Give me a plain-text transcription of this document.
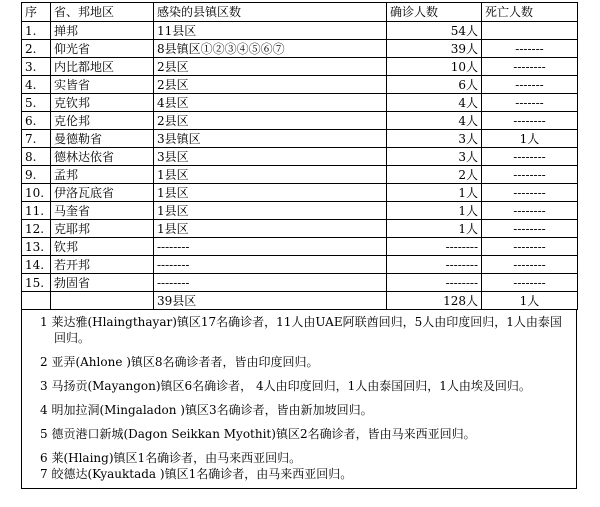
序	省、邦地区	感染的县镇区数	确诊人数	死亡人数
1.	掸邦	11县区	54人	
2.	仰光省	8县镇区①②③④⑤⑥⑦	39人	-------
3.	内比都地区	2县区	10人	--------
4.	实皆省	2县区	6人	-------
5.	克钦邦	4县区	4人	-------
6.	克伦邦	2县区	4人	--------
7.	曼德勒省	3县镇区	3人	1人
8.	德林达依省	3县区	3人	--------
9.	孟邦	1县区	2人	--------
10.	伊洛瓦底省	1县区	1人	--------
11.	马奎省	1县区	1人	--------
12.	克耶邦	1县区	1人	--------
13.	钦邦	--------	--------	--------
14.	若开邦	--------	--------	--------
15.	勃固省	--------	--------	--------
		39县区	128人	1人

1 莱达雅(Hlaingthayar)镇区17名确诊者，11人由UAE阿联酋回归，5人由印度回归，1人由泰国
回归。

2 亚弄(Ahlone )镇区8名确诊者者，皆由印度回归。

3 马扬贡(Mayangon)镇区6名确诊者， 4人由印度回归，1人由泰国回归，1人由埃及回归。

4 明加拉洞(Mingaladon )镇区3名确诊者，皆由新加坡回归。

5 德贡港口新城(Dagon Seikkan Myothit)镇区2名确诊者，皆由马来西亚回归。

6 莱(Hlaing)镇区1名确诊者，由马来西亚回归。

7 皎德达(Kyauktada )镇区1名确诊者，由马来西亚回归。
